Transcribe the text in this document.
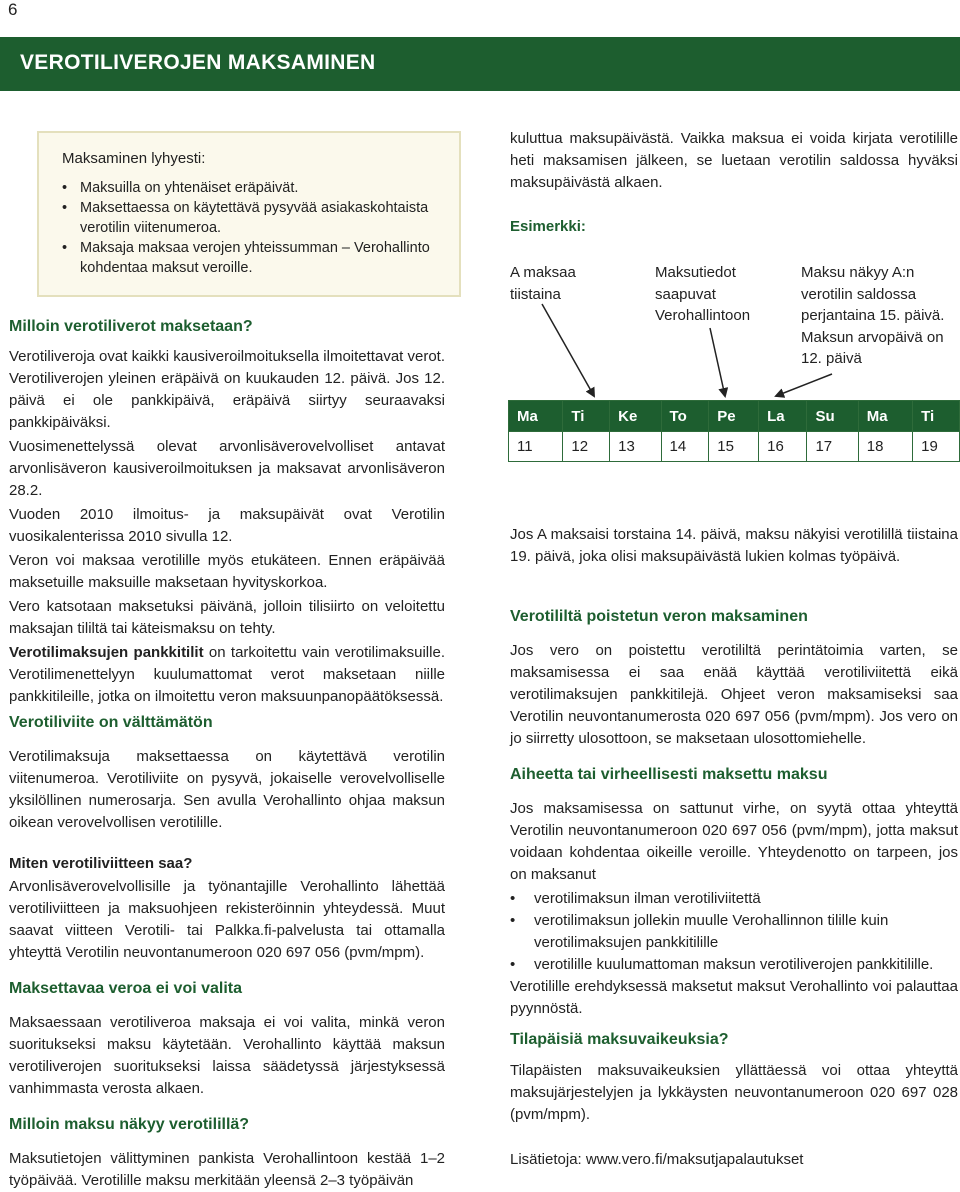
6
VEROTILIVEROJEN MAKSAMINEN
Maksaminen lyhyesti:
• Maksuilla on yhtenäiset eräpäivät.
• Maksettaessa on käytettävä pysyvää asiakaskohtaista verotilin viitenumeroa.
• Maksaja maksaa verojen yhteissumman – Verohallinto kohdentaa maksut veroille.
Milloin verotiliverot maksetaan?

Verotiliveroja ovat kaikki kausiveroilmoituksella ilmoitettavat verot. Verotiliverojen yleinen eräpäivä on kuukauden 12. päivä. Jos 12. päivä ei ole pankkipäivä, eräpäivä siirtyy seuraavaksi pankkipäiväksi.

Vuosimenettelyssä olevat arvonlisäverovelvolliset antavat arvonlisäveron kausiveroilmoituksen ja maksavat arvonlisäveron 28.2.

Vuoden 2010 ilmoitus- ja maksupäivät ovat Verotilin vuosikalenterissa 2010 sivulla 12.

Veron voi maksaa verotilille myös etukäteen. Ennen eräpäivää maksetuille maksuille maksetaan hyvityskorkoa.

Vero katsotaan maksetuksi päivänä, jolloin tilisiirto on veloitettu maksajan tililtä tai käteismaksu on tehty.

Verotilimaksujen pankkitilit on tarkoitettu vain verotilimaksuille. Verotilimenettelyyn kuulumattomat verot maksetaan niille pankkitileille, jotka on ilmoitettu veron maksuunpanopäätöksessä.

Verotiliviite on välttämätön

Verotilimaksuja maksettaessa on käytettävä verotilin viitenumeroa. Verotiliviite on pysyvä, jokaiselle verovelvolliselle yksilöllinen numerosarja. Sen avulla Verohallinto ohjaa maksun oikean verovelvollisen verotilille.

Miten verotiliviitteen saa?

Arvonlisäverovelvollisille ja työnantajille Verohallinto lähettää verotiliviitteen ja maksuohjeen rekisteröinnin yhteydessä. Muut saavat viitteen Verotili- tai Palkka.fi-palvelusta tai ottamalla yhteyttä Verotilin neuvontanumeroon 020 697 056 (pvm/mpm).

Maksettavaa veroa ei voi valita

Maksaessaan verotiliveroa maksaja ei voi valita, minkä veron suoritukseksi maksu käytetään. Verohallinto käyttää maksun verotiliverojen suoritukseksi laissa säädetyssä järjestyksessä vanhimmasta verosta alkaen.

Milloin maksu näkyy verotilillä?

Maksutietojen välittyminen pankista Verohallintoon kestää 1–2 työpäivää. Verotilille maksu merkitään yleensä 2–3 työpäivän

kuluttua maksupäivästä. Vaikka maksua ei voida kirjata verotilille heti maksamisen jälkeen, se luetaan verotilin saldossa hyväksi maksupäivästä alkaen.

Esimerkki:
A maksaa tiistaina
Maksutiedot saapuvat Verohallintoon
Maksu näkyy A:n verotilin saldossa perjantaina 15. päivä. Maksun arvopäivä on 12. päivä
Ma	Ti	Ke	To	Pe	La	Su	Ma	Ti
11	12	13	14	15	16	17	18	19

Jos A maksaisi torstaina 14. päivä, maksu näkyisi verotilillä tiistaina 19. päivä, joka olisi maksupäivästä lukien kolmas työpäivä.

Verotililtä poistetun veron maksaminen

Jos vero on poistettu verotililtä perintätoimia varten, se maksamisessa ei saa enää käyttää verotiliviitettä eikä verotilimaksujen pankkitilejä. Ohjeet veron maksamiseksi saa Verotilin neuvontanumerosta 020 697 056 (pvm/mpm). Jos vero on jo siirretty ulosottoon, se maksetaan ulosottomiehelle.

Aiheetta tai virheellisesti maksettu maksu

Jos maksamisessa on sattunut virhe, on syytä ottaa yhteyttä Verotilin neuvontanumeroon 020 697 056 (pvm/mpm), jotta maksut voidaan kohdentaa oikeille veroille. Yhteydenotto on tarpeen, jos on maksanut

• verotilimaksun ilman verotiliviitettä
• verotilimaksun jollekin muulle Verohallinnon tilille kuin verotilimaksujen pankkitilille
• verotilille kuulumattoman maksun verotiliverojen pankkitilille.

Verotilille erehdyksessä maksetut maksut Verohallinto voi palauttaa pyynnöstä.

Tilapäisiä maksuvaikeuksia?

Tilapäisten maksuvaikeuksien yllättäessä voi ottaa yhteyttä maksujärjestelyjen ja lykkäysten neuvontanumeroon 020 697 028 (pvm/mpm).

Lisätietoja: www.vero.fi/maksutjapalautukset
